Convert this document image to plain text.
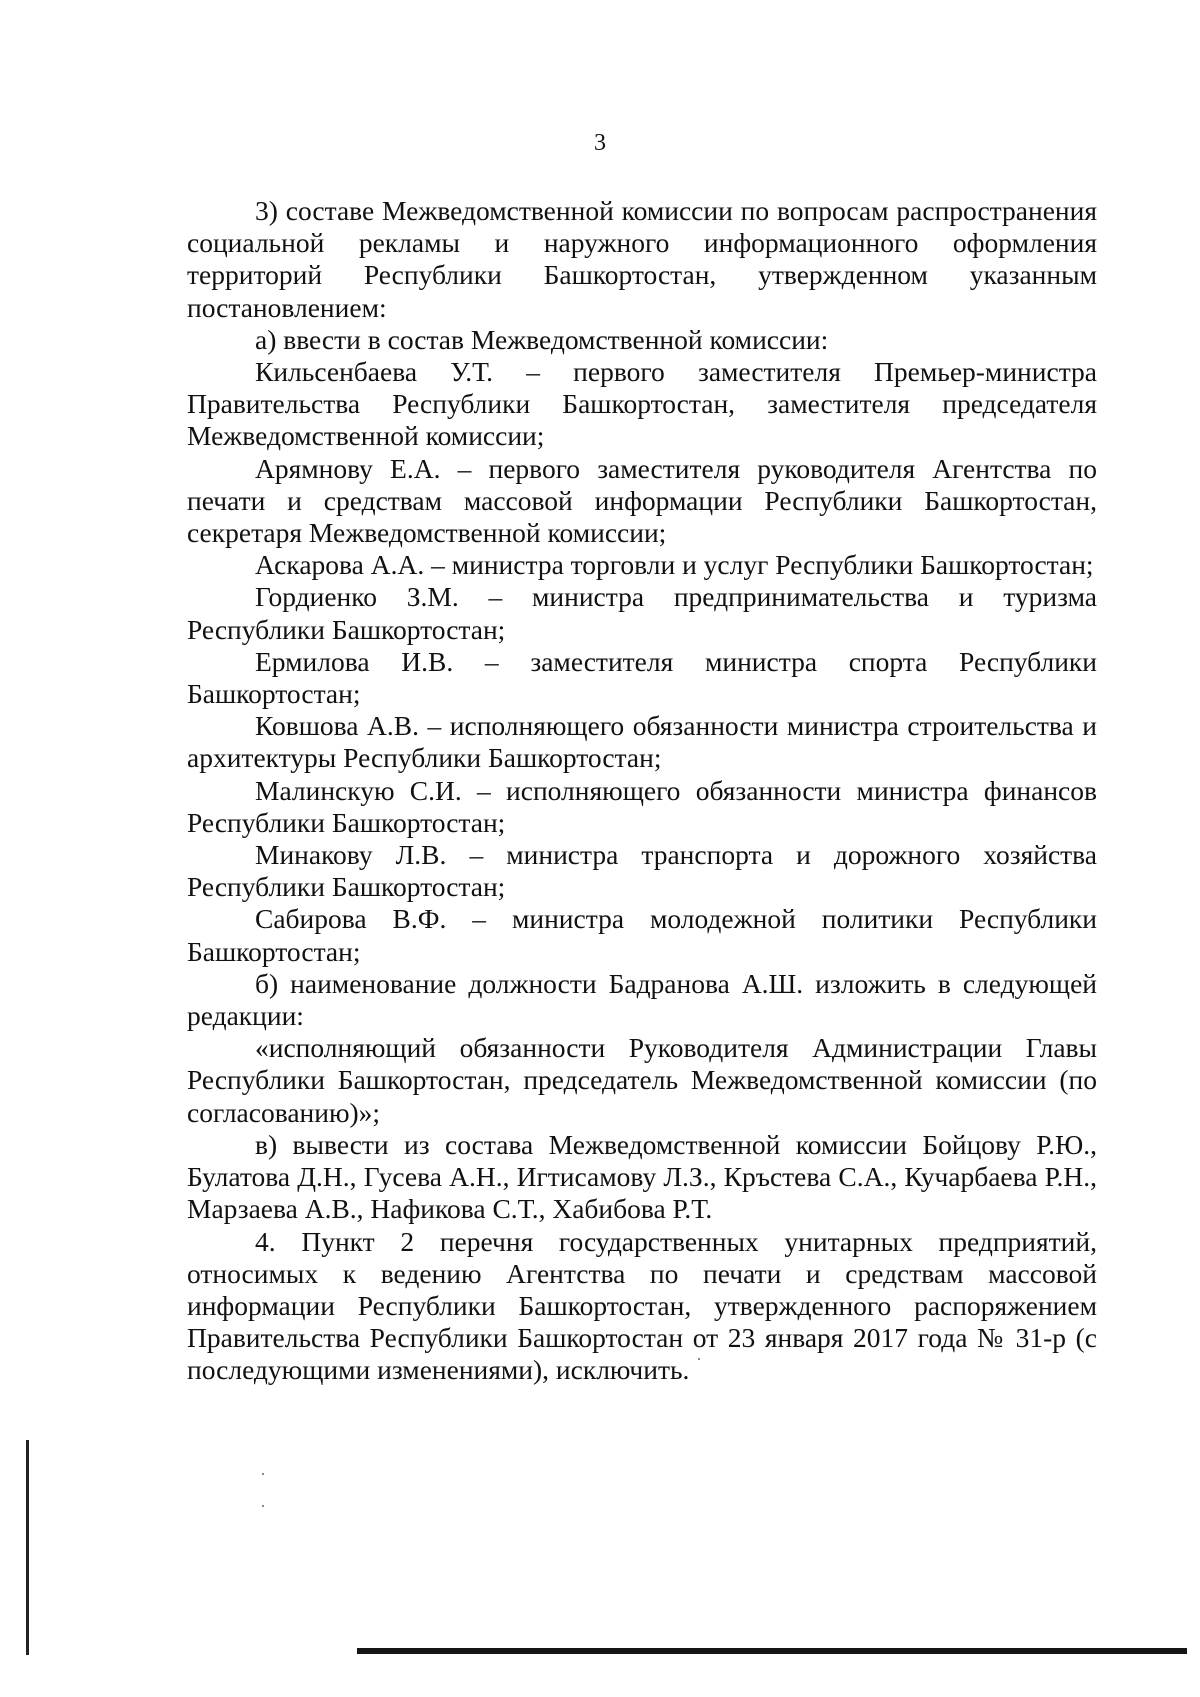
3

3) составе Межведомственной комиссии по вопросам распространения социальной рекламы и наружного информационного оформления территорий Республики Башкортостан, утвержденном указанным постановлением:

а) ввести в состав Межведомственной комиссии:

Кильсенбаева У.Т. – первого заместителя Премьер-министра Правительства Республики Башкортостан, заместителя председателя Межведомственной комиссии;

Арямнову Е.А. – первого заместителя руководителя Агентства по печати и средствам массовой информации Республики Башкортостан, секретаря Межведомственной комиссии;

Аскарова А.А. – министра торговли и услуг Республики Башкортостан;

Гордиенко З.М. – министра предпринимательства и туризма Республики Башкортостан;

Ермилова И.В. – заместителя министра спорта Республики Башкортостан;

Ковшова А.В. – исполняющего обязанности министра строительства и архитектуры Республики Башкортостан;

Малинскую С.И. – исполняющего обязанности министра финансов Республики Башкортостан;

Минакову Л.В. – министра транспорта и дорожного хозяйства Республики Башкортостан;

Сабирова В.Ф. – министра молодежной политики Республики Башкортостан;

б) наименование должности Бадранова А.Ш. изложить в следующей редакции:

«исполняющий обязанности Руководителя Администрации Главы Республики Башкортостан, председатель Межведомственной комиссии (по согласованию)»;

в) вывести из состава Межведомственной комиссии Бойцову Р.Ю., Булатова Д.Н., Гусева А.Н., Игтисамову Л.З., Кръстева С.А., Кучарбаева Р.Н., Марзаева А.В., Нафикова С.Т., Хабибова Р.Т.

4. Пункт 2 перечня государственных унитарных предприятий, относимых к ведению Агентства по печати и средствам массовой информации Республики Башкортостан, утвержденного распоряжением Правительства Республики Башкортостан от 23 января 2017 года № 31-р (с последующими изменениями), исключить.
